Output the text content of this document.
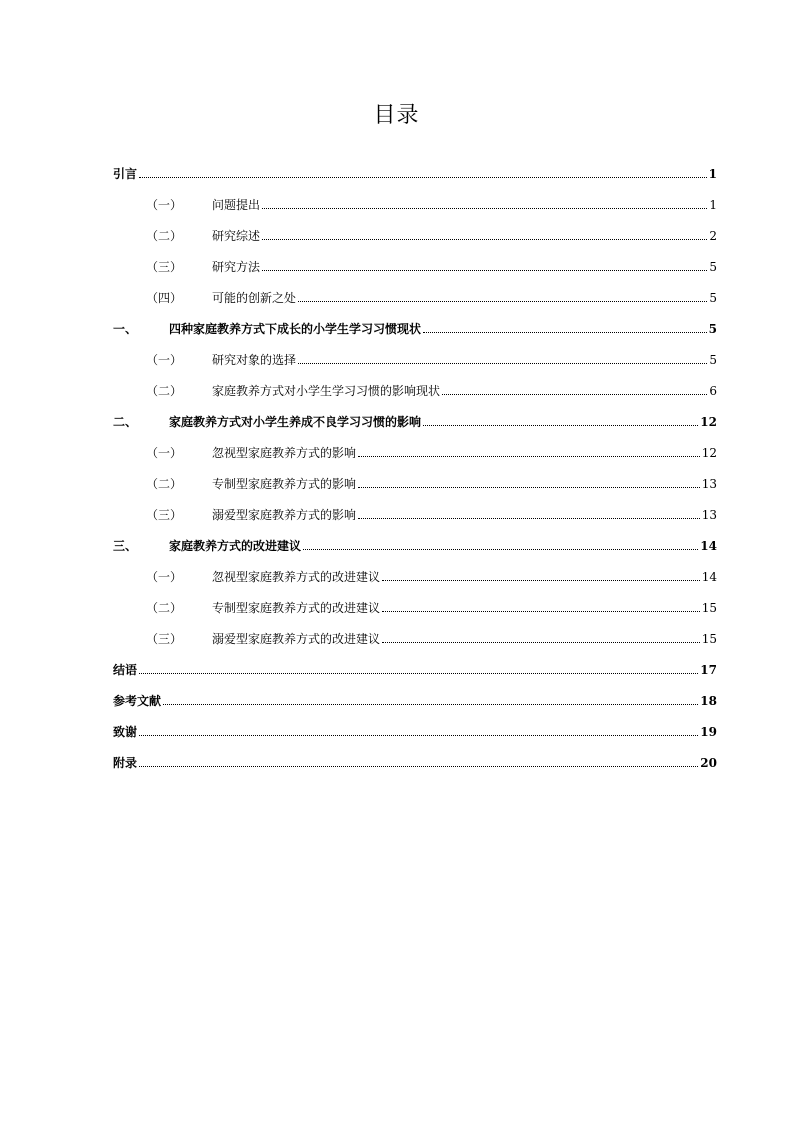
目录
引言	1
（一）	问题提出	1
（二）	研究综述	2
（三）	研究方法	5
（四）	可能的创新之处	5
一、	四种家庭教养方式下成长的小学生学习习惯现状	5
（一）	研究对象的选择	5
（二）	家庭教养方式对小学生学习习惯的影响现状	6
二、	家庭教养方式对小学生养成不良学习习惯的影响	12
（一）	忽视型家庭教养方式的影响	12
（二）	专制型家庭教养方式的影响	13
（三）	溺爱型家庭教养方式的影响	13
三、	家庭教养方式的改进建议	14
（一）	忽视型家庭教养方式的改进建议	14
（二）	专制型家庭教养方式的改进建议	15
（三）	溺爱型家庭教养方式的改进建议	15
结语	17
参考文献	18
致谢	19
附录	20
